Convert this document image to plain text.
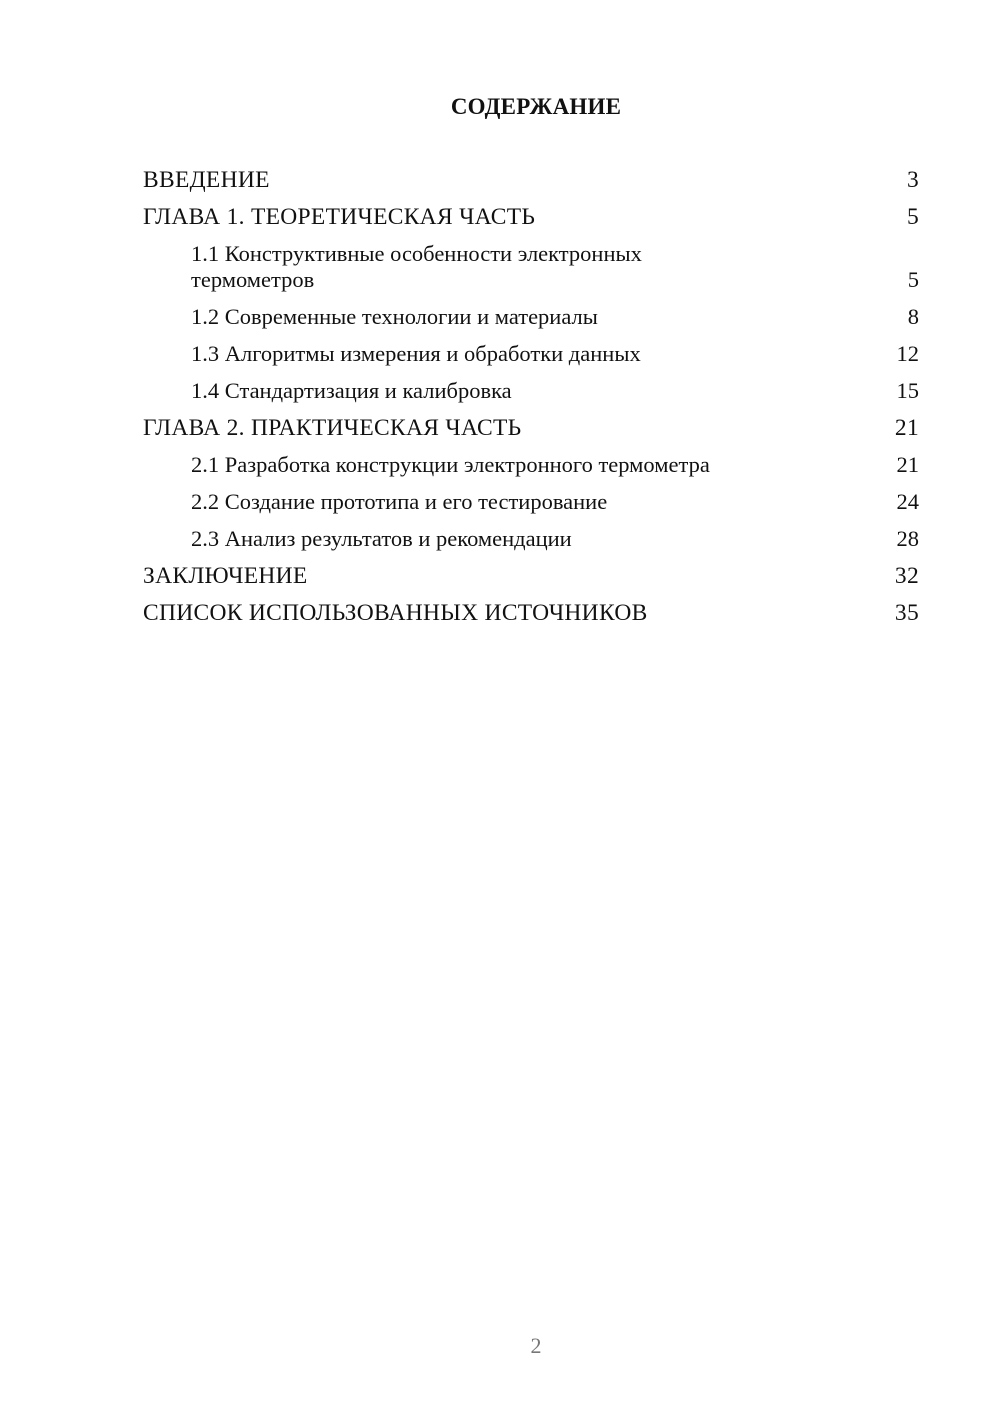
СОДЕРЖАНИЕ
ВВЕДЕНИЕ	3
ГЛАВА 1. ТЕОРЕТИЧЕСКАЯ ЧАСТЬ	5
1.1 Конструктивные особенности электронных термометров	5
1.2 Современные технологии и материалы	8
1.3 Алгоритмы измерения и обработки данных	12
1.4 Стандартизация и калибровка	15
ГЛАВА 2. ПРАКТИЧЕСКАЯ ЧАСТЬ	21
2.1 Разработка конструкции электронного термометра	21
2.2 Создание прототипа и его тестирование	24
2.3 Анализ результатов и рекомендации	28
ЗАКЛЮЧЕНИЕ	32
СПИСОК ИСПОЛЬЗОВАННЫХ ИСТОЧНИКОВ	35
2
